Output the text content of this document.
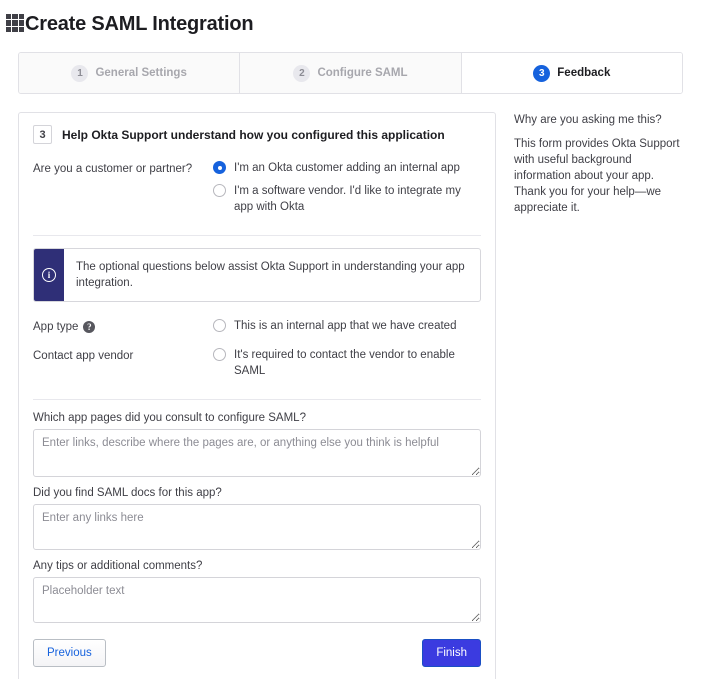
Create SAML Integration
1	General Settings	2	Configure SAML	3	Feedback
3	Help Okta Support understand how you configured this application
Are you a customer or partner?	I'm an Okta customer adding an internal app
I'm a software vendor. I'd like to integrate my app with Okta
i
The optional questions below assist Okta Support in understanding your app integration.
App type ?	This is an internal app that we have created
Contact app vendor	It's required to contact the vendor to enable SAML
Which app pages did you consult to configure SAML?
Enter links, describe where the pages are, or anything else you think is helpful
Did you find SAML docs for this app?
Enter any links here
Any tips or additional comments?
Placeholder text
Previous	Finish
Why are you asking me this?
This form provides Okta Support with useful background information about your app. Thank you for your help—we appreciate it.
